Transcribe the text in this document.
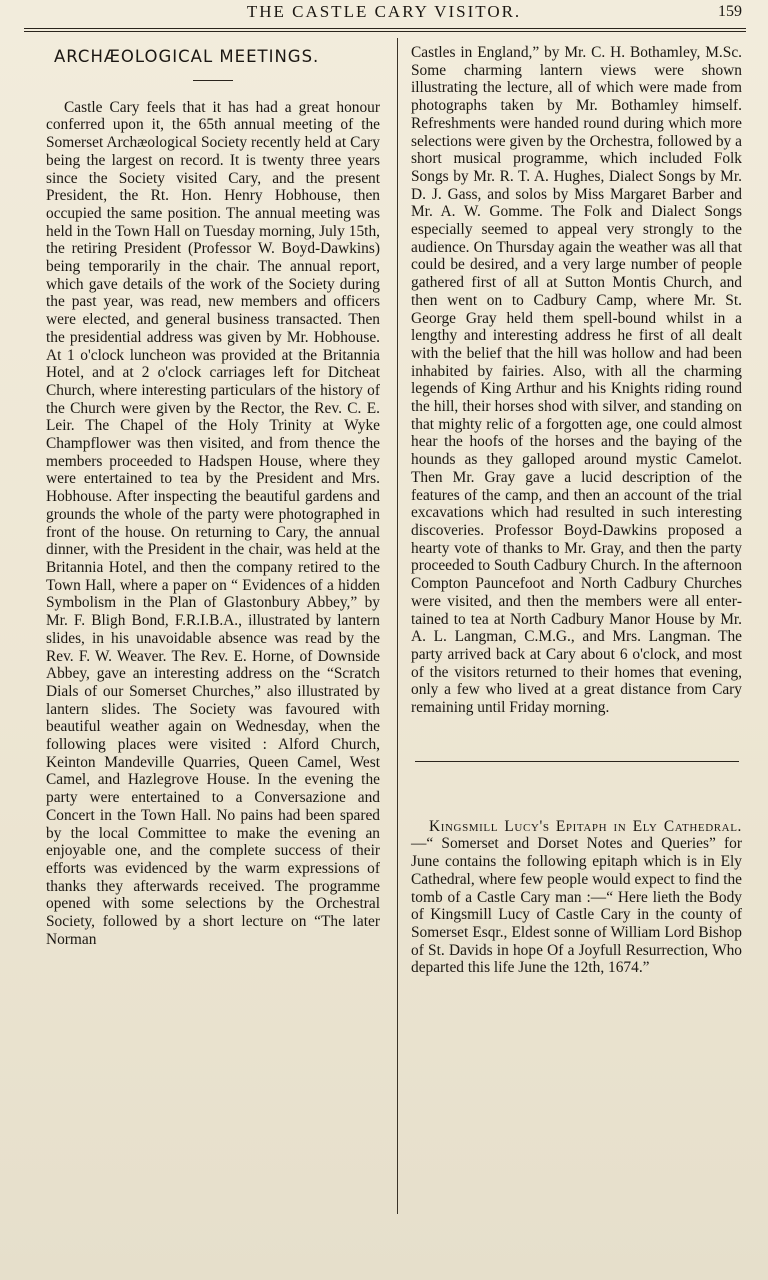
THE CASTLE CARY VISITOR.	159
ARCHÆOLOGICAL MEETINGS.

Castle Cary feels that it has had a great honour conferred upon it, the 65th annual meeting of the Somerset Archæological Society recently held at Cary being the largest on record. It is twenty three years since the Society visited Cary, and the present President, the Rt. Hon. Henry Hobhouse, then occupied the same position. The annual meeting was held in the Town Hall on Tuesday morning, July 15th, the retiring President (Professor W. Boyd-Dawkins) being temporarily in the chair. The annual report, which gave details of the work of the Society during the past year, was read, new members and officers were elected, and general business transacted. Then the presidential address was given by Mr. Hobhouse. At 1 o'clock luncheon was provided at the Britannia Hotel, and at 2 o'clock carriages left for Ditcheat Church, where interesting particulars of the history of the Church were given by the Rector, the Rev. C. E. Leir. The Chapel of the Holy Trinity at Wyke Champflower was then visited, and from thence the members proceeded to Hadspen House, where they were entertained to tea by the President and Mrs. Hobhouse. After inspecting the beautiful gardens and grounds the whole of the party were photographed in front of the house. On returning to Cary, the annual dinner, with the President in the chair, was held at the Britannia Hotel, and then the company retired to the Town Hall, where a paper on “ Evidences of a hidden Symbolism in the Plan of Glastonbury Abbey,” by Mr. F. Bligh Bond, F.R.I.B.A., illustrated by lantern slides, in his unavoidable absence was read by the Rev. F. W. Weaver. The Rev. E. Horne, of Downside Abbey, gave an interesting address on the “Scratch Dials of our Somerset Churches,” also illustrated by lantern slides. The Society was favoured with beautiful weather again on Wednesday, when the following places were visited : Alford Church, Keinton Mandeville Quarries, Queen Camel, West Camel, and Hazlegrove House. In the evening the party were entertained to a Conversazione and Concert in the Town Hall. No pains had been spared by the local Committee to make the evening an enjoyable one, and the complete success of their efforts was evidenced by the warm expressions of thanks they afterwards received. The programme opened with some selections by the Orchestral Society, followed by a short lecture on “The later Norman

Castles in England,” by Mr. C. H. Bothamley, M.Sc. Some charming lantern views were shown illustrating the lecture, all of which were made from photographs taken by Mr. Bothamley himself. Refreshments were handed round during which more selections were given by the Orchestra, followed by a short musical programme, which included Folk Songs by Mr. R. T. A. Hughes, Dialect Songs by Mr. D. J. Gass, and solos by Miss Margaret Barber and Mr. A. W. Gomme. The Folk and Dialect Songs especially seemed to appeal very strongly to the audience. On Thursday again the weather was all that could be desired, and a very large number of people gathered first of all at Sutton Montis Church, and then went on to Cadbury Camp, where Mr. St. George Gray held them spell-bound whilst in a lengthy and interesting address he first of all dealt with the belief that the hill was hollow and had been inhabited by fairies. Also, with all the charming legends of King Arthur and his Knights riding round the hill, their horses shod with silver, and standing on that mighty relic of a forgotten age, one could almost hear the hoofs of the horses and the baying of the hounds as they galloped around mystic Camelot. Then Mr. Gray gave a lucid description of the features of the camp, and then an account of the trial excavations which had resulted in such interesting discoveries. Professor Boyd-Dawkins proposed a hearty vote of thanks to Mr. Gray, and then the party proceeded to South Cadbury Church. In the afternoon Compton Pauncefoot and North Cadbury Churches were visited, and then the members were all entertained to tea at North Cadbury Manor House by Mr. A. L. Langman, C.M.G., and Mrs. Langman. The party arrived back at Cary about 6 o'clock, and most of the visitors returned to their homes that evening, only a few who lived at a great distance from Cary remaining until Friday morning.

Kingsmill Lucy's Epitaph in Ely Cathedral.—“ Somerset and Dorset Notes and Queries” for June contains the following epitaph which is in Ely Cathedral, where few people would expect to find the tomb of a Castle Cary man :—“ Here lieth the Body of Kingsmill Lucy of Castle Cary in the county of Somerset Esqr., Eldest sonne of William Lord Bishop of St. Davids in hope Of a Joyfull Resurrection, Who departed this life June the 12th, 1674.”
